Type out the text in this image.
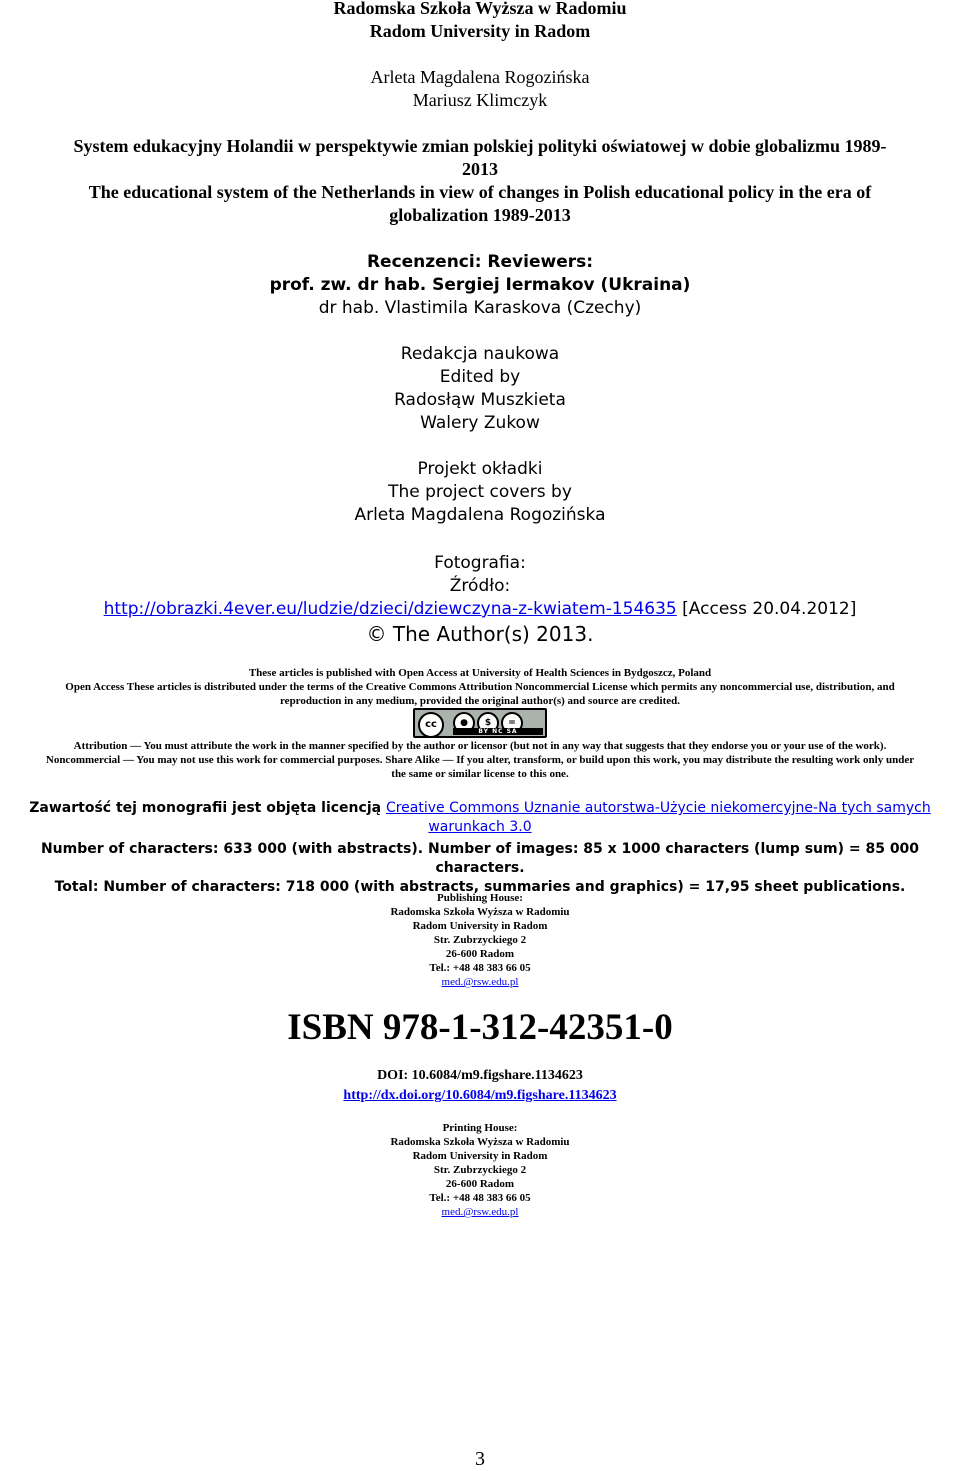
Radomska Szkoła Wyższa w Radomiu

Radom University in Radom

Arleta Magdalena Rogozińska

Mariusz Klimczyk

System edukacyjny Holandii w perspektywie zmian polskiej polityki oświatowej w dobie globalizmu 1989-

2013

The educational system of the Netherlands in view of changes in Polish educational policy in the era of

globalization 1989-2013

Recenzenci: Reviewers:

prof. zw. dr hab. Sergiej Iermakov (Ukraina)

dr hab. Vlastimila Karaskova (Czechy)

Redakcja naukowa

Edited by

Radosłąw Muszkieta

Walery Zukow

Projekt okładki

The project covers by

Arleta Magdalena Rogozińska

Fotografia:

Źródło:

http://obrazki.4ever.eu/ludzie/dzieci/dziewczyna-z-kwiatem-154635 [Access 20.04.2012]

© The Author(s) 2013.

These articles is published with Open Access at University of Health Sciences in Bydgoszcz, Poland

Open Access These articles is distributed under the terms of the Creative Commons Attribution Noncommercial License which permits any noncommercial use, distribution, and

reproduction in any medium, provided the original author(s) and source are credited.

cc	●	$	=
BY NC SA

Attribution — You must attribute the work in the manner specified by the author or licensor (but not in any way that suggests that they endorse you or your use of the work).

Noncommercial — You may not use this work for commercial purposes. Share Alike — If you alter, transform, or build upon this work, you may distribute the resulting work only under

the same or similar license to this one.

Zawartość tej monografii jest objęta licencją Creative Commons Uznanie autorstwa-Użycie niekomercyjne-Na tych samych warunkach 3.0

Number of characters: 633 000 (with abstracts). Number of images: 85 x 1000 characters (lump sum) = 85 000 characters.

Total: Number of characters: 718 000 (with abstracts, summaries and graphics) = 17,95 sheet publications.

Publishing House:

Radomska Szkoła Wyższa w Radomiu

Radom University in Radom

Str. Zubrzyckiego 2

26-600 Radom

Tel.: +48 48 383 66 05

med.@rsw.edu.pl

ISBN 978-1-312-42351-0

DOI: 10.6084/m9.figshare.1134623

http://dx.doi.org/10.6084/m9.figshare.1134623

Printing House:

Radomska Szkoła Wyższa w Radomiu

Radom University in Radom

Str. Zubrzyckiego 2

26-600 Radom

Tel.: +48 48 383 66 05

med.@rsw.edu.pl

3
